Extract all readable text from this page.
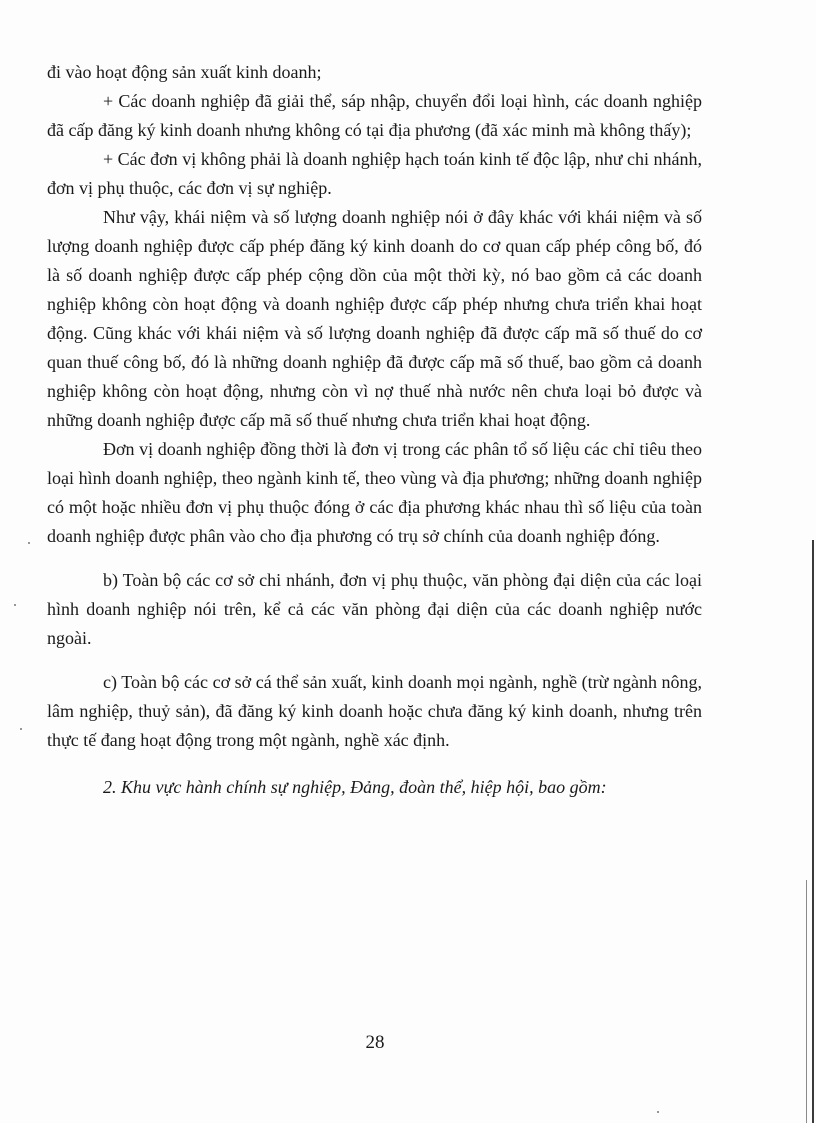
đi vào hoạt động sản xuất kinh doanh;

+ Các doanh nghiệp đã giải thể, sáp nhập, chuyển đổi loại hình, các doanh nghiệp đã cấp đăng ký kinh doanh nhưng không có tại địa phương (đã xác minh mà không thấy);

+ Các đơn vị không phải là doanh nghiệp hạch toán kinh tế độc lập, như chi nhánh, đơn vị phụ thuộc, các đơn vị sự nghiệp.

Như vậy, khái niệm và số lượng doanh nghiệp nói ở đây khác với khái niệm và số lượng doanh nghiệp được cấp phép đăng ký kinh doanh do cơ quan cấp phép công bố, đó là số doanh nghiệp được cấp phép cộng dồn của một thời kỳ, nó bao gồm cả các doanh nghiệp không còn hoạt động và doanh nghiệp được cấp phép nhưng chưa triển khai hoạt động. Cũng khác với khái niệm và số lượng doanh nghiệp đã được cấp mã số thuế do cơ quan thuế công bố, đó là những doanh nghiệp đã được cấp mã số thuế, bao gồm cả doanh nghiệp không còn hoạt động, nhưng còn vì nợ thuế nhà nước nên chưa loại bỏ được và những doanh nghiệp được cấp mã số thuế nhưng chưa triển khai hoạt động.

Đơn vị doanh nghiệp đồng thời là đơn vị trong các phân tổ số liệu các chỉ tiêu theo loại hình doanh nghiệp, theo ngành kinh tế, theo vùng và địa phương; những doanh nghiệp có một hoặc nhiều đơn vị phụ thuộc đóng ở các địa phương khác nhau thì số liệu của toàn doanh nghiệp được phân vào cho địa phương có trụ sở chính của doanh nghiệp đóng.

b) Toàn bộ các cơ sở chi nhánh, đơn vị phụ thuộc, văn phòng đại diện của các loại hình doanh nghiệp nói trên, kể cả các văn phòng đại diện của các doanh nghiệp nước ngoài.

c) Toàn bộ các cơ sở cá thể sản xuất, kinh doanh mọi ngành, nghề (trừ ngành nông, lâm nghiệp, thuỷ sản), đã đăng ký kinh doanh hoặc chưa đăng ký kinh doanh, nhưng trên thực tế đang hoạt động trong một ngành, nghề xác định.

2. Khu vực hành chính sự nghiệp, Đảng, đoàn thể, hiệp hội, bao gồm:

28
